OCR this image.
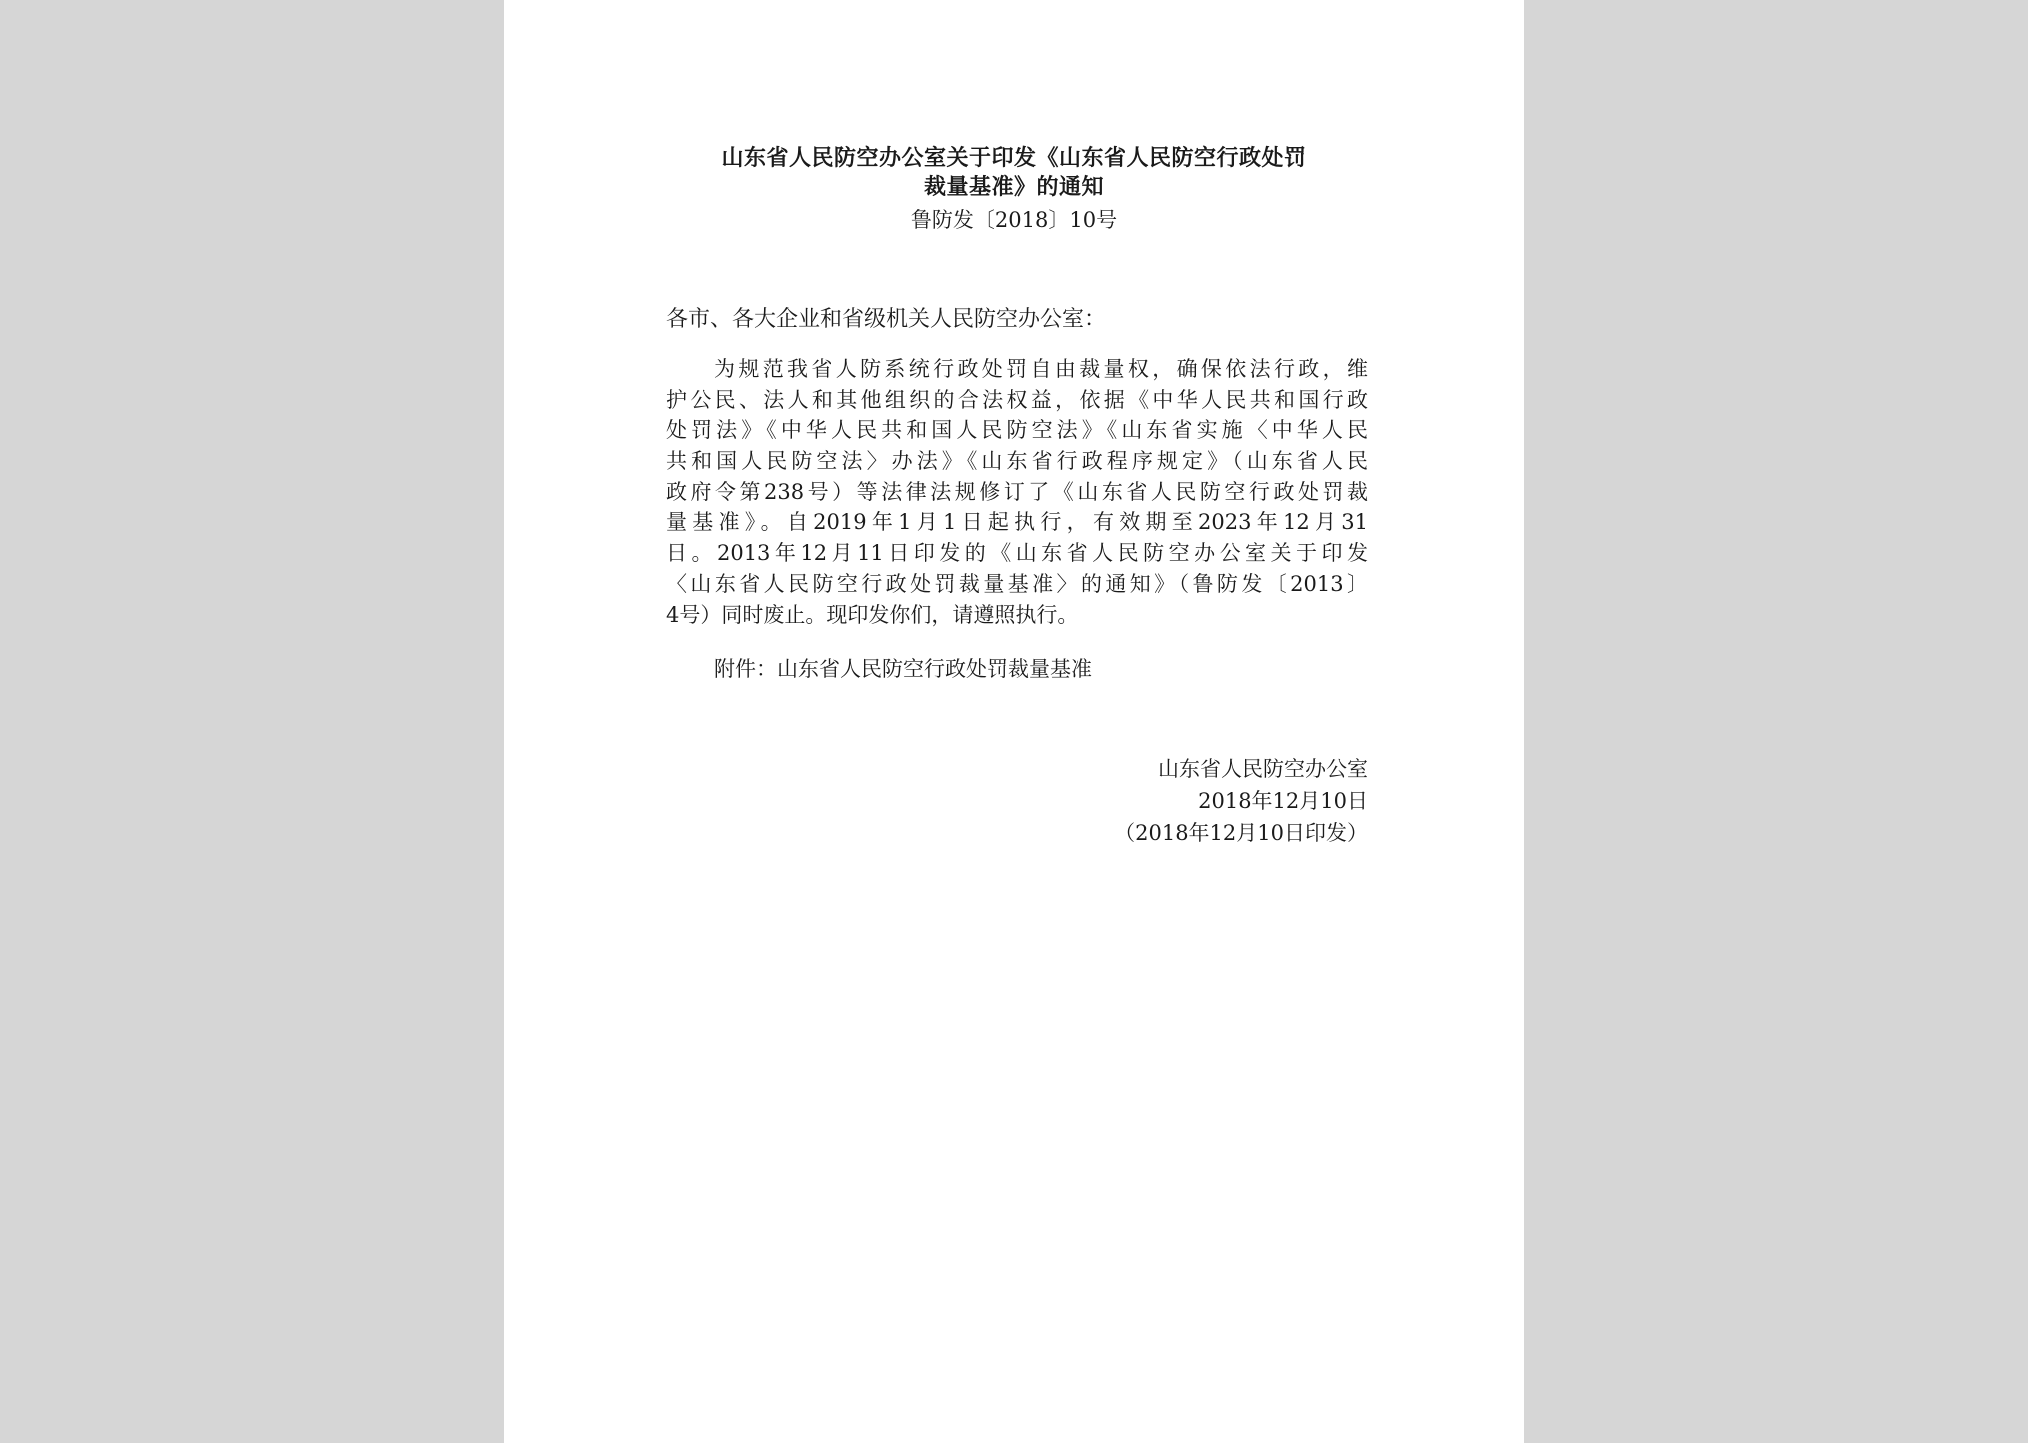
山东省人民防空办公室关于印发《山东省人民防空行政处罚
裁量基准》的通知
鲁防发〔2018〕10号
各市、各大企业和省级机关人民防空办公室：
为规范我省人防系统行政处罚自由裁量权，确保依法行政，维
护公民、法人和其他组织的合法权益，依据《中华人民共和国行政
处罚法》《中华人民共和国人民防空法》《山东省实施〈中华人民
共和国人民防空法〉办法》《山东省行政程序规定》（山东省人民
政府令第238号）等法律法规修订了《山东省人民防空行政处罚裁
量基准》。自2019年1月1日起执行，有效期至2023年12月31
日。2013年12月11日印发的《山东省人民防空办公室关于印发
〈山东省人民防空行政处罚裁量基准〉的通知》（鲁防发〔2013〕
4号）同时废止。现印发你们，请遵照执行。
附件：山东省人民防空行政处罚裁量基准
山东省人民防空办公室
2018年12月10日
（2018年12月10日印发）
